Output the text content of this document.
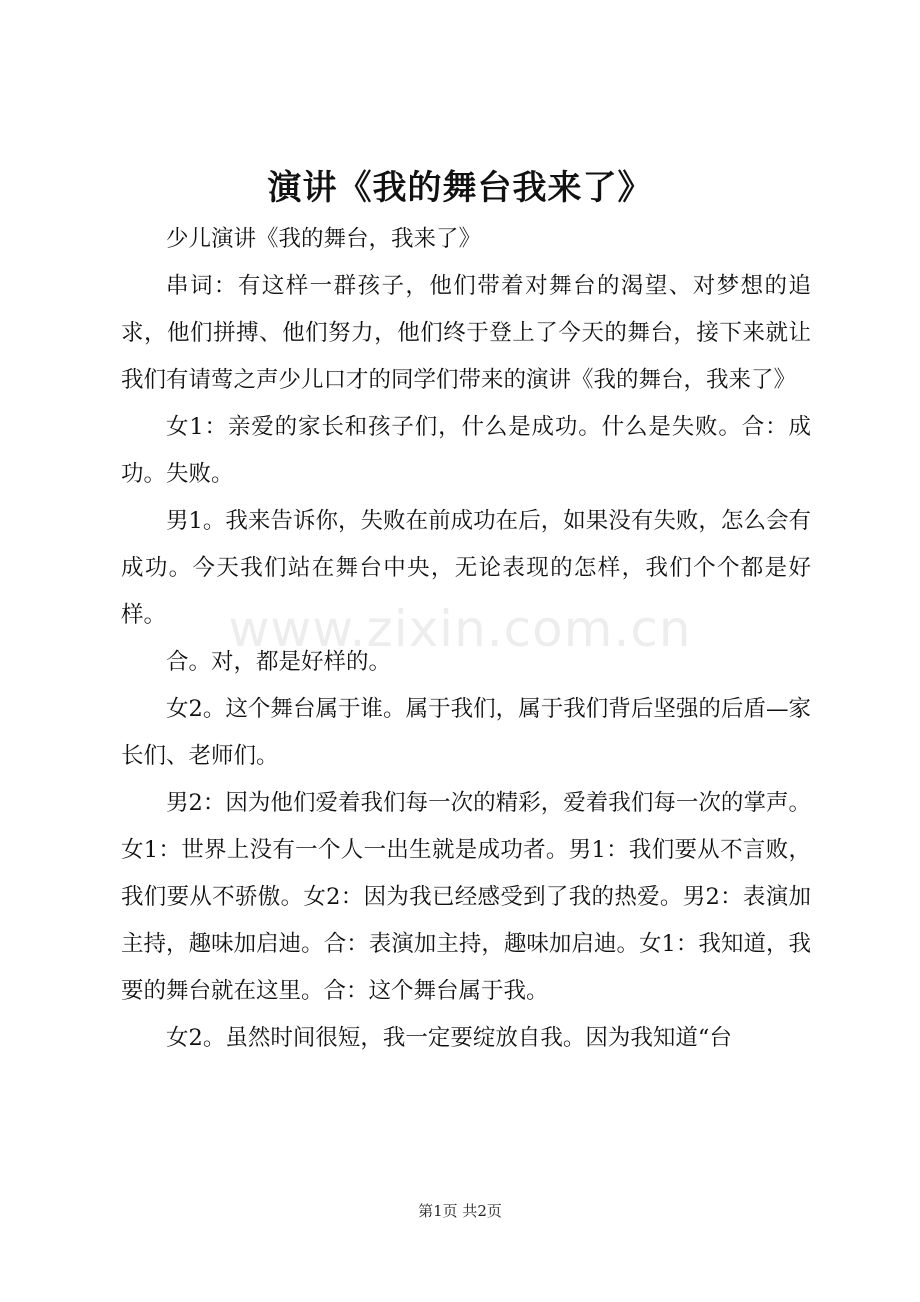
演讲《我的舞台我来了》

少儿演讲《我的舞台，我来了》

串词：有这样一群孩子，他们带着对舞台的渴望、对梦想的追求，他们拼搏、他们努力，他们终于登上了今天的舞台，接下来就让我们有请莺之声少儿口才的同学们带来的演讲《我的舞台，我来了》

女1：亲爱的家长和孩子们，什么是成功。什么是失败。合：成功。失败。

男1。我来告诉你，失败在前成功在后，如果没有失败，怎么会有成功。今天我们站在舞台中央，无论表现的怎样，我们个个都是好样。

合。对，都是好样的。

女2。这个舞台属于谁。属于我们，属于我们背后坚强的后盾—家长们、老师们。

男2：因为他们爱着我们每一次的精彩，爱着我们每一次的掌声。女1：世界上没有一个人一出生就是成功者。男1：我们要从不言败，我们要从不骄傲。女2：因为我已经感受到了我的热爱。男2：表演加主持，趣味加启迪。合：表演加主持，趣味加启迪。女1：我知道，我要的舞台就在这里。合：这个舞台属于我。

女2。虽然时间很短，我一定要绽放自我。因为我知道“台

www.zixin.com.cn
第1页 共2页
